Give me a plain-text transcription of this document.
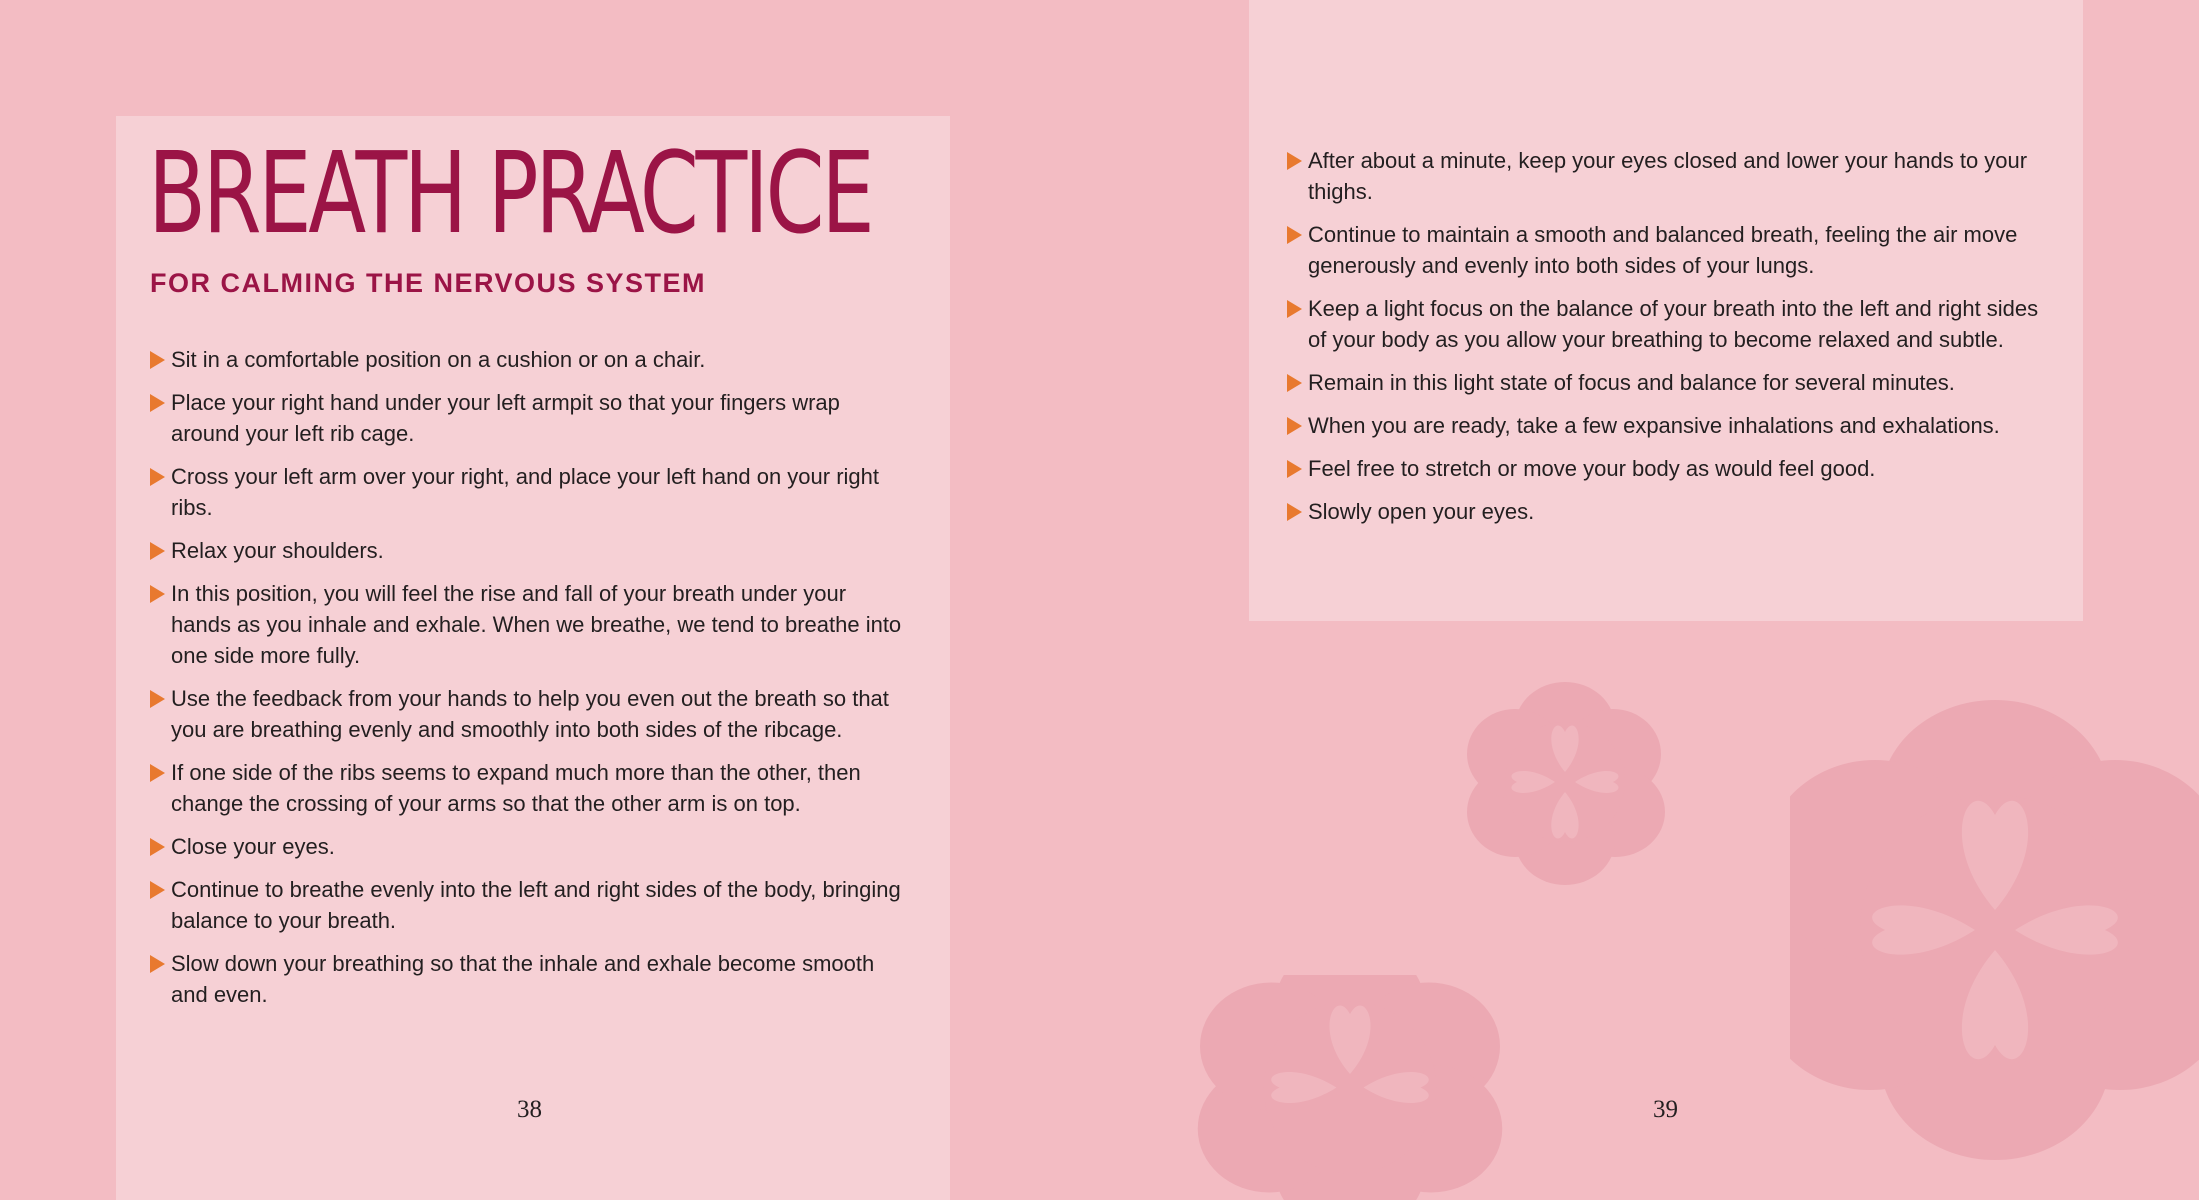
BREATH PRACTICE
FOR CALMING THE NERVOUS SYSTEM
Sit in a comfortable position on a cushion or on a chair.
Place your right hand under your left armpit so that your fingers wrap around your left rib cage.
Cross your left arm over your right, and place your left hand on your right ribs.
Relax your shoulders.
In this position, you will feel the rise and fall of your breath under your hands as you inhale and exhale. When we breathe, we tend to breathe into one side more fully.
Use the feedback from your hands to help you even out the breath so that you are breathing evenly and smoothly into both sides of the ribcage.
If one side of the ribs seems to expand much more than the other, then change the crossing of your arms so that the other arm is on top.
Close your eyes.
Continue to breathe evenly into the left and right sides of the body, bringing balance to your breath.
Slow down your breathing so that the inhale and exhale become smooth and even.
38
After about a minute, keep your eyes closed and lower your hands to your thighs.
Continue to maintain a smooth and balanced breath, feeling the air move generously and evenly into both sides of your lungs.
Keep a light focus on the balance of your breath into the left and right sides of your body as you allow your breathing to become relaxed and subtle.
Remain in this light state of focus and balance for several minutes.
When you are ready, take a few expansive inhalations and exhalations.
Feel free to stretch or move your body as would feel good.
Slowly open your eyes.
39
